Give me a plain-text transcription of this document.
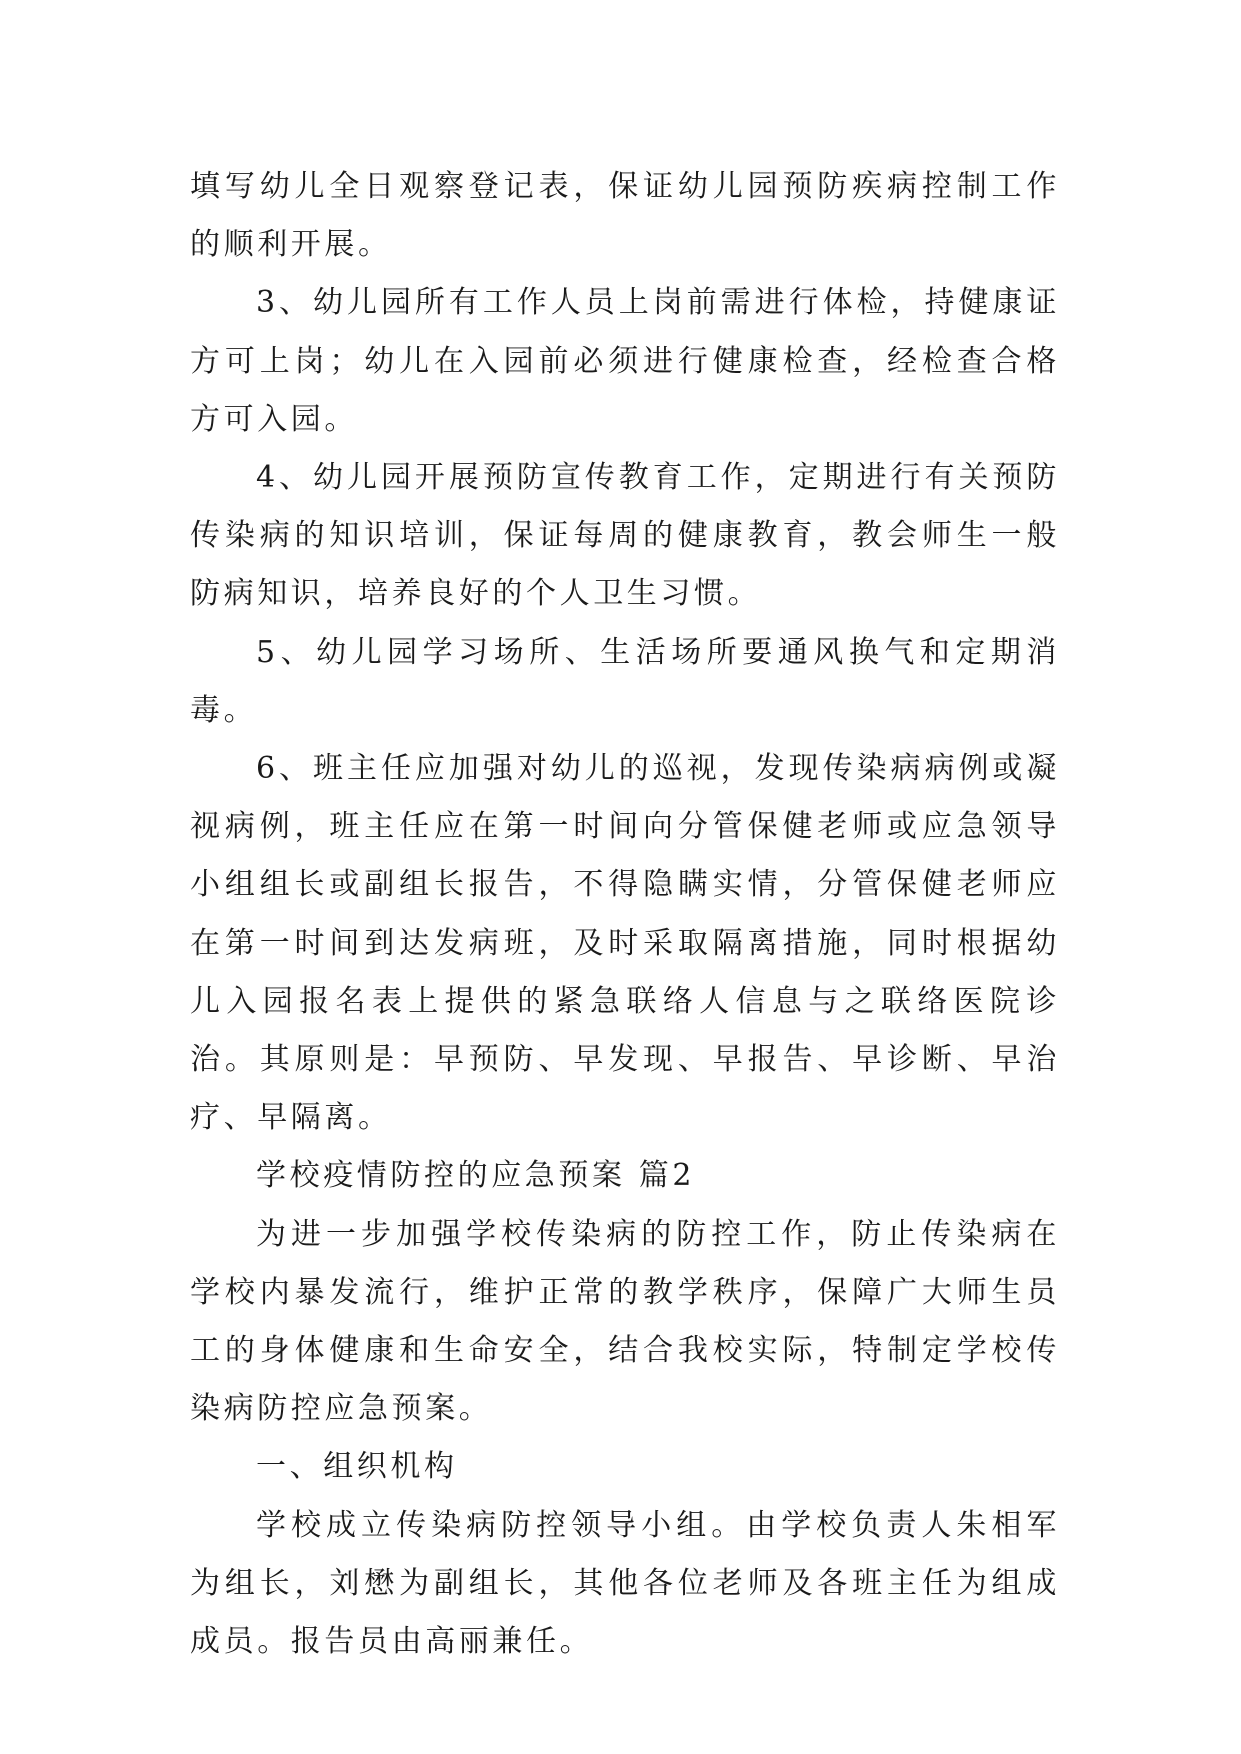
填写幼儿全日观察登记表，保证幼儿园预防疾病控制工作的顺利开展。

3、幼儿园所有工作人员上岗前需进行体检，持健康证方可上岗；幼儿在入园前必须进行健康检查，经检查合格方可入园。

4、幼儿园开展预防宣传教育工作，定期进行有关预防传染病的知识培训，保证每周的健康教育，教会师生一般防病知识，培养良好的个人卫生习惯。

5、幼儿园学习场所、生活场所要通风换气和定期消毒。

6、班主任应加强对幼儿的巡视，发现传染病病例或凝视病例，班主任应在第一时间向分管保健老师或应急领导小组组长或副组长报告，不得隐瞒实情，分管保健老师应在第一时间到达发病班，及时采取隔离措施，同时根据幼儿入园报名表上提供的紧急联络人信息与之联络医院诊治。其原则是：早预防、早发现、早报告、早诊断、早治疗、早隔离。

学校疫情防控的应急预案 篇2

为进一步加强学校传染病的防控工作，防止传染病在学校内暴发流行，维护正常的教学秩序，保障广大师生员工的身体健康和生命安全，结合我校实际，特制定学校传染病防控应急预案。

一、组织机构

学校成立传染病防控领导小组。由学校负责人朱相军为组长，刘懋为副组长，其他各位老师及各班主任为组成成员。报告员由高丽兼任。
